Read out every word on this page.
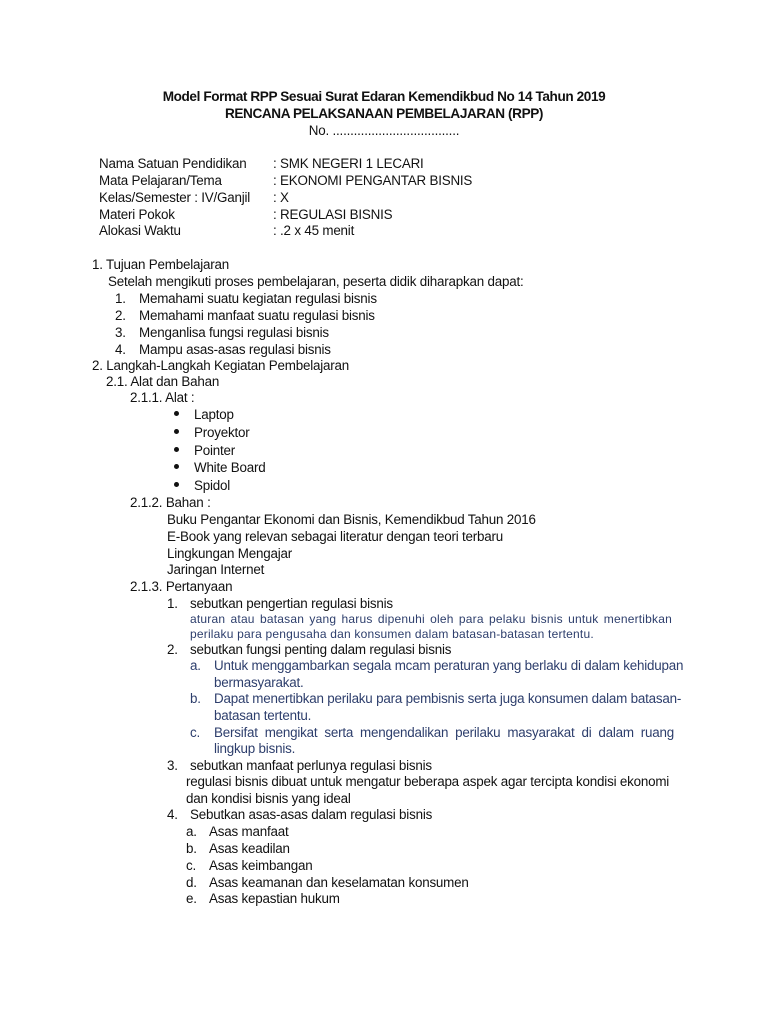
Model Format RPP Sesuai Surat Edaran Kemendikbud No 14 Tahun 2019
RENCANA PELAKSANAAN PEMBELAJARAN (RPP)
No. ....................................
Nama Satuan Pendidikan : SMK NEGERI 1 LECARI
Mata Pelajaran/Tema	: EKONOMI PENGANTAR BISNIS
Kelas/Semester : IV/Ganjil : X
Materi Pokok	: REGULASI BISNIS
Alokasi Waktu	: .2 x 45 menit
1. Tujuan Pembelajaran
Setelah mengikuti proses pembelajaran, peserta didik diharapkan dapat:
1. Memahami suatu kegiatan regulasi bisnis
2. Memahami manfaat suatu regulasi bisnis
3. Menganlisa fungsi regulasi bisnis
4. Mampu asas-asas regulasi bisnis
2. Langkah-Langkah Kegiatan Pembelajaran
2.1. Alat dan Bahan
2.1.1. Alat :
Laptop
Proyektor
Pointer
White Board
Spidol
2.1.2. Bahan :
Buku Pengantar Ekonomi dan Bisnis, Kemendikbud Tahun 2016
E-Book yang relevan sebagai literatur dengan teori terbaru
Lingkungan Mengajar
Jaringan Internet
2.1.3. Pertanyaan
1. sebutkan pengertian regulasi bisnis
aturan atau batasan yang harus dipenuhi oleh para pelaku bisnis untuk menertibkan
perilaku para pengusaha dan konsumen dalam batasan-batasan tertentu.
2. sebutkan fungsi penting dalam regulasi bisnis
a. Untuk menggambarkan segala mcam peraturan yang berlaku di dalam kehidupan
bermasyarakat.
b. Dapat menertibkan perilaku para pembisnis serta juga konsumen dalam batasan-
batasan tertentu.
c. Bersifat mengikat serta mengendalikan perilaku masyarakat di dalam ruang
lingkup bisnis.
3. sebutkan manfaat perlunya regulasi bisnis
regulasi bisnis dibuat untuk mengatur beberapa aspek agar tercipta kondisi ekonomi
dan kondisi bisnis yang ideal
4. Sebutkan asas-asas dalam regulasi bisnis
a. Asas manfaat
b. Asas keadilan
c. Asas keimbangan
d. Asas keamanan dan keselamatan konsumen
e. Asas kepastian hukum
